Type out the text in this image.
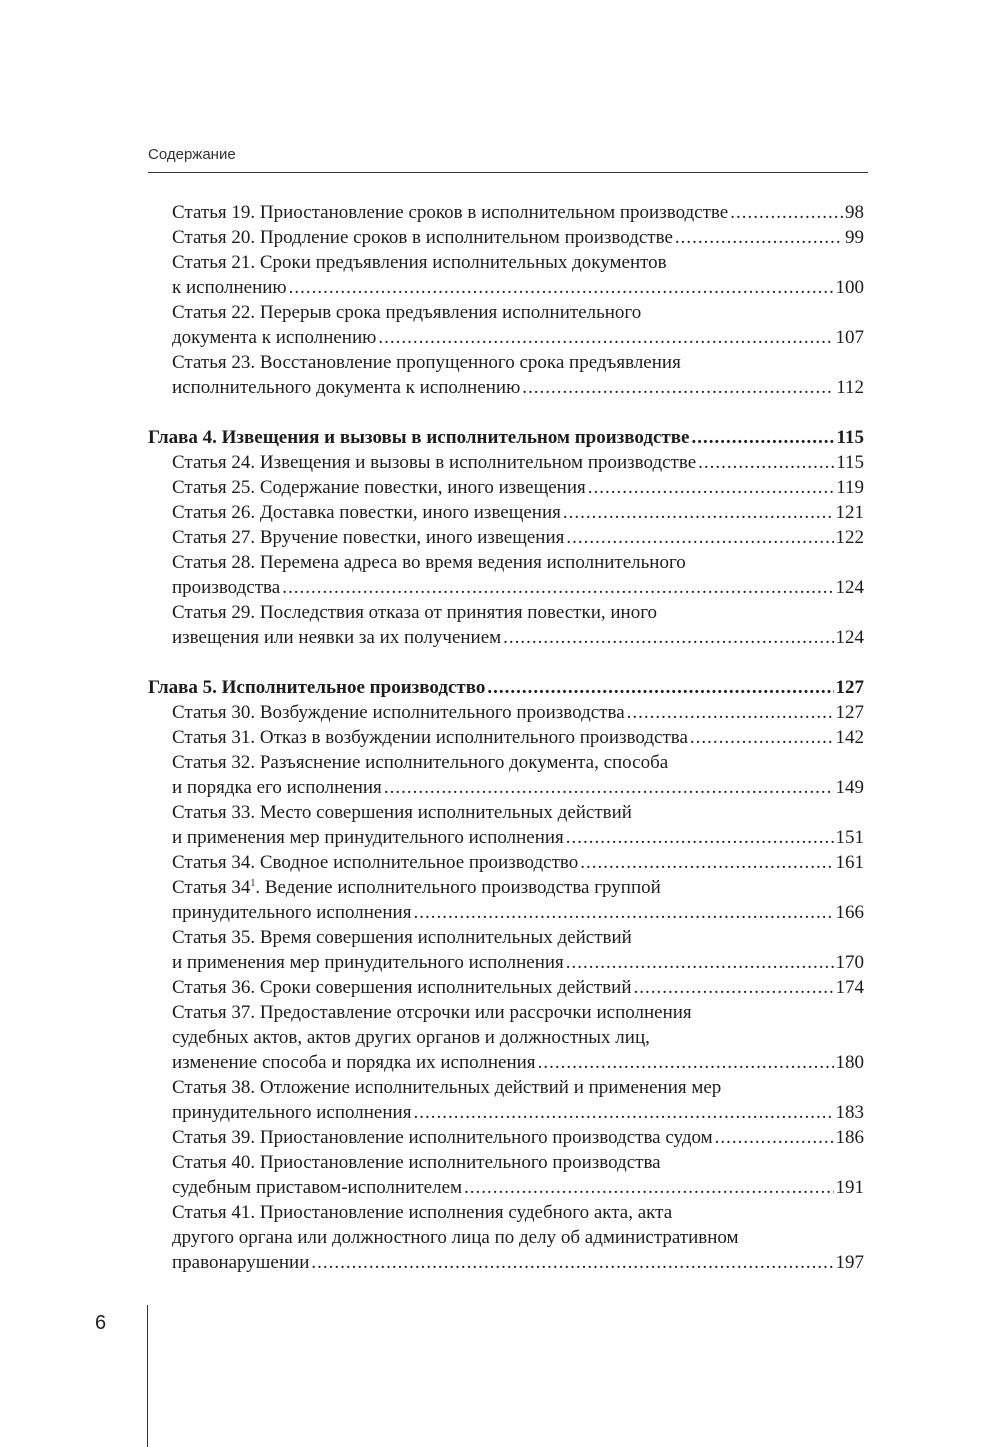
Содержание
Статья 19. Приостановление сроков в исполнительном производстве .....	98
Статья 20. Продление сроков в исполнительном производстве .....	99
Статья 21. Сроки предъявления исполнительных документов
к исполнению .....	100
Статья 22. Перерыв срока предъявления исполнительного
документа к исполнению .....	107
Статья 23. Восстановление пропущенного срока предъявления
исполнительного документа к исполнению .....	112
Глава 4. Извещения и вызовы в исполнительном производстве .....	115
Статья 24. Извещения и вызовы в исполнительном производстве .....	115
Статья 25. Содержание повестки, иного извещения .....	119
Статья 26. Доставка повестки, иного извещения .....	121
Статья 27. Вручение повестки, иного извещения .....	122
Статья 28. Перемена адреса во время ведения исполнительного
производства .....	124
Статья 29. Последствия отказа от принятия повестки, иного
извещения или неявки за их получением .....	124
Глава 5. Исполнительное производство .....	127
Статья 30. Возбуждение исполнительного производства .....	127
Статья 31. Отказ в возбуждении исполнительного производства .....	142
Статья 32. Разъяснение исполнительного документа, способа
и порядка его исполнения .....	149
Статья 33. Место совершения исполнительных действий
и применения мер принудительного исполнения .....	151
Статья 34. Сводное исполнительное производство .....	161
Статья $34^1$. Ведение исполнительного производства группой
принудительного исполнения .....	166
Статья 35. Время совершения исполнительных действий
и применения мер принудительного исполнения .....	170
Статья 36. Сроки совершения исполнительных действий .....	174
Статья 37. Предоставление отсрочки или рассрочки исполнения
судебных актов, актов других органов и должностных лиц,
изменение способа и порядка их исполнения .....	180
Статья 38. Отложение исполнительных действий и применения мер
принудительного исполнения .....	183
Статья 39. Приостановление исполнительного производства судом .....	186
Статья 40. Приостановление исполнительного производства
судебным приставом-исполнителем .....	191
Статья 41. Приостановление исполнения судебного акта, акта
другого органа или должностного лица по делу об административном
правонарушении .....	197
6
